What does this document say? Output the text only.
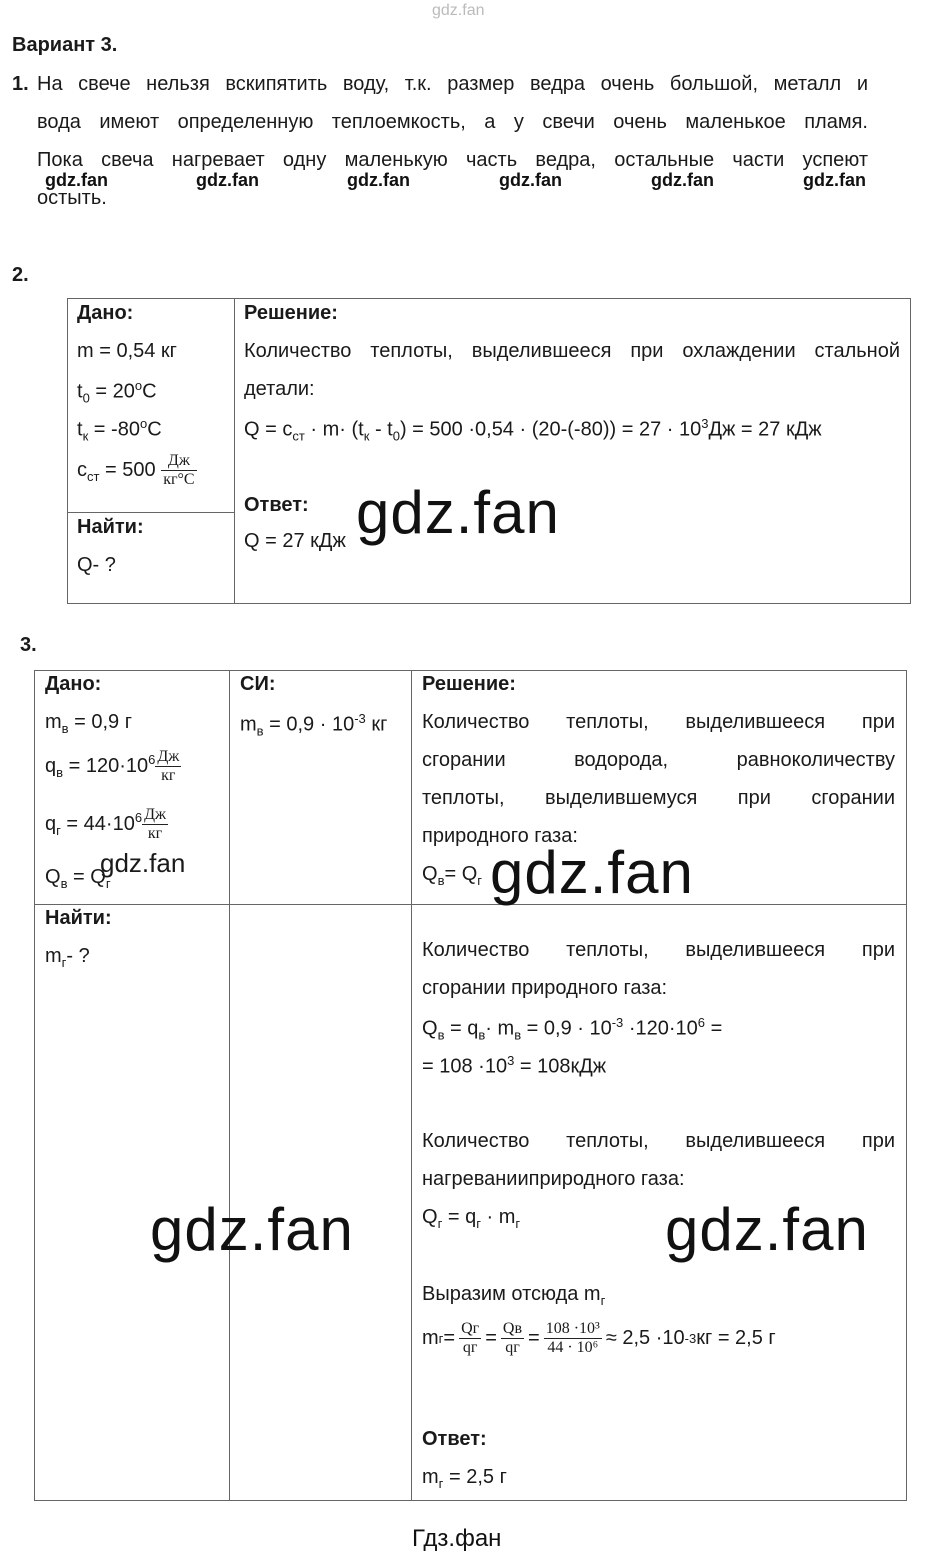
gdz.fan
Вариант 3.
1. На свече нельзя вскипятить воду, т.к. размер ведра очень большой, металл и
вода имеют определенную теплоемкость, а у свечи очень маленькое пламя.
Пока свеча нагревает одну маленькую часть ведра, остальные части успеют
остыть.
gdz.fan	gdz.fan	gdz.fan	gdz.fan	gdz.fan	gdz.fan
2.
Дано:
m = 0,54 кг
$t_0 = 20^oC$
$t_к = -80^oC$
$c_{ст} = 500 \frac{Дж}{кг^\circ C}$
Найти:
Q- ?
Решение:
Количество теплоты, выделившееся при охлаждении стальной
детали:
$Q = c_{ст} \cdot m\cdot (t_к - t_0) = 500 \cdot 0,54 \cdot (20-(-80)) = 27 \cdot 10^3Дж = 27$ кДж
Ответ:
Q = 27 кДж gdz.fan
3.
Дано:
$m_в = 0,9$ г
$q_в = 120\cdot 10^6 \frac{Дж}{кг}$
$q_г = 44\cdot 10^6 \frac{Дж}{кг}$
$Q_в = Q_г$
gdz.fan
Найти:
$m_г-$ ?
СИ:
$m_в = 0,9 \cdot 10^{-3}$ кг
Решение:
Количество теплоты, выделившееся при
сгорании водорода, равноколичеству
теплоты, выделившемуся при сгорании
природного газа:
$Q_в= Q_г$ gdz.fan
Количество теплоты, выделившееся при
сгорании природного газа:
$Q_в = q_в\cdot m_в = 0,9 \cdot 10^{-3} \cdot 120\cdot 10^6$ =
= $108 \cdot 10^3 = 108кДж$
Количество теплоты, выделившееся при
нагреванииприродного газа:
$Q_г = q_г \cdot m_г$
gdz.fan	gdz.fan
Выразим отсюда $m_г$
m $г = \frac{Qг}{qг} = \frac{Qв}{qг} = \frac{\text{108 ·10³}}{\text{44 · 10⁶}} \approx 2,5 \cdot 10$ -3 кг = 2,5 г
Ответ:
$m_г = 2,5$ г
Гдз.фан
